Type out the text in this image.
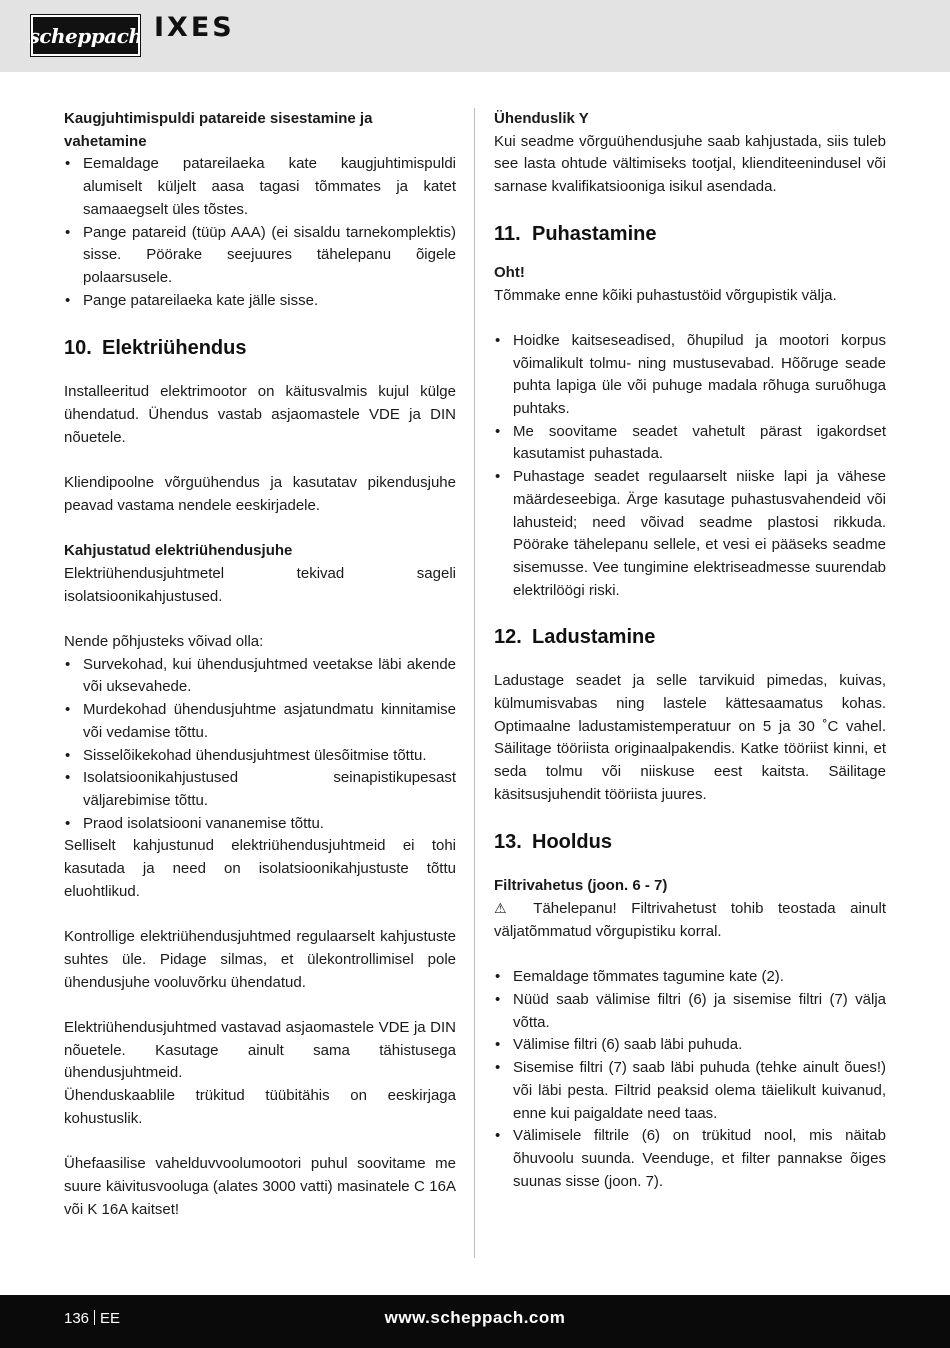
scheppach IXES

Kaugjuhtimispuldi patareide sisestamine ja vahetamine

• Eemaldage patareilaeka kate kaugjuhtimispuldi alumiselt küljelt aasa tagasi tõmmates ja katet samaaegselt üles tõstes.
• Pange patareid (tüüp AAA) (ei sisaldu tarnekomplektis) sisse. Pöörake seejuures tähelepanu õigele polaarsusele.
• Pange patareilaeka kate jälle sisse.
10. Elektriühendus

Installeeritud elektrimootor on käitusvalmis kujul külge ühendatud. Ühendus vastab asjaomastele VDE ja DIN nõuetele.

Kliendipoolne võrguühendus ja kasutatav pikendusjuhe peavad vastama nendele eeskirjadele.

Kahjustatud elektriühendusjuhe

Elektriühendusjuhtmetel tekivad sageli isolatsioonikahjustused.

Nende põhjusteks võivad olla:

• Survekohad, kui ühendusjuhtmed veetakse läbi akende või uksevahede.
• Murdekohad ühendusjuhtme asjatundmatu kinnitamise või vedamise tõttu.
• Sisselõikekohad ühendusjuhtmest ülesõitmise tõttu.
• Isolatsioonikahjustused seinapistikupesast väljarebimise tõttu.
• Praod isolatsiooni vananemise tõttu.

Selliselt kahjustunud elektriühendusjuhtmeid ei tohi kasutada ja need on isolatsioonikahjustuste tõttu eluohtlikud.

Kontrollige elektriühendusjuhtmed regulaarselt kahjustuste suhtes üle. Pidage silmas, et ülekontrollimisel pole ühendusjuhe vooluvõrku ühendatud.

Elektriühendusjuhtmed vastavad asjaomastele VDE ja DIN nõuetele. Kasutage ainult sama tähistusega ühendusjuhtmeid.

Ühenduskaablile trükitud tüübitähis on eeskirjaga kohustuslik.

Ühefaasilise vahelduvvoolumootori puhul soovitame me suure käivitusvooluga (alates 3000 vatti) masinatele C 16A või K 16A kaitset!

Ühenduslik Y

Kui seadme võrguühendusjuhe saab kahjustada, siis tuleb see lasta ohtude vältimiseks tootjal, klienditeenindusel või sarnase kvalifikatsiooniga isikul asendada.

11. Puhastamine

Oht!

Tõmmake enne kõiki puhastustöid võrgupistik välja.

• Hoidke kaitseseadised, õhupilud ja mootori korpus võimalikult tolmu- ning mustusevabad. Hõõruge seade puhta lapiga üle või puhuge madala rõhuga suruõhuga puhtaks.
• Me soovitame seadet vahetult pärast igakordset kasutamist puhastada.
• Puhastage seadet regulaarselt niiske lapi ja vähese määrdeseebiga. Ärge kasutage puhastusvahendeid või lahusteid; need võivad seadme plastosi rikkuda. Pöörake tähelepanu sellele, et vesi ei pääseks seadme sisemusse. Vee tungimine elektriseadmesse suurendab elektrilöögi riski.
12. Ladustamine

Ladustage seadet ja selle tarvikuid pimedas, kuivas, külmumisvabas ning lastele kättesaamatus kohas. Optimaalne ladustamistemperatuur on 5 ja 30 ˚C vahel. Säilitage tööriista originaalpakendis. Katke tööriist kinni, et seda tolmu või niiskuse eest kaitsta. Säilitage käsitsusjuhendit tööriista juures.

13. Hooldus

Filtrivahetus (joon. 6 - 7)

⚠ Tähelepanu! Filtrivahetust tohib teostada ainult väljatõmmatud võrgupistiku korral.

• Eemaldage tõmmates tagumine kate (2).
• Nüüd saab välimise filtri (6) ja sisemise filtri (7) välja võtta.
• Välimise filtri (6) saab läbi puhuda.
• Sisemise filtri (7) saab läbi puhuda (tehke ainult õues!) või läbi pesta. Filtrid peaksid olema täielikult kuivanud, enne kui paigaldate need taas.
• Välimisele filtrile (6) on trükitud nool, mis näitab õhuvoolu suunda. Veenduge, et filter pannakse õiges suunas sisse (joon. 7).
136 EE	www.scheppach.com
